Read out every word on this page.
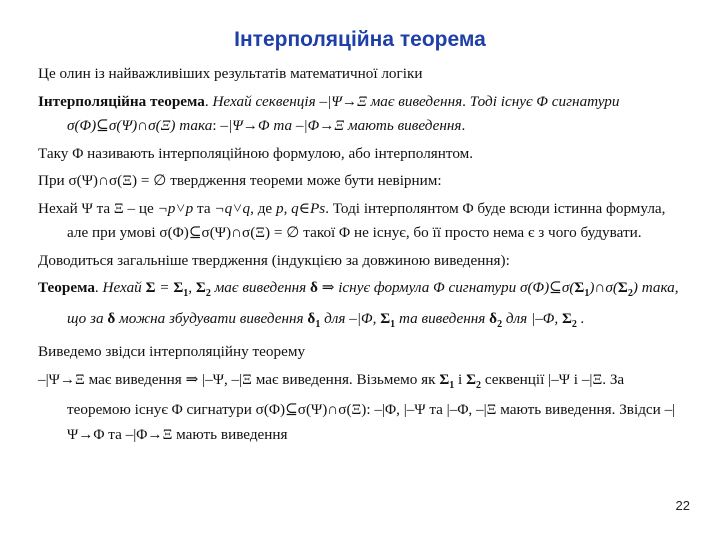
Інтерполяційна теорема

Це олин із найважливіших результатів математичної логіки

Інтерполяційна теорема. Нехай секвенція –|Ψ→Ξ має виведення. Тоді існує Φ сигнатури σ(Φ)⊆σ(Ψ)∩σ(Ξ) така: –|Ψ→Φ та –|Φ→Ξ мають виведення.

Таку Φ називають інтерполяційною формулою, або інтерполянтом.

При σ(Ψ)∩σ(Ξ) = ∅ твердження теореми може бути невірним:

Нехай Ψ та Ξ – це ¬p˅p та ¬q˅q, де p, q∈Ps. Тоді інтерполянтом Φ буде всюди істинна формула, але при умові σ(Φ)⊆σ(Ψ)∩σ(Ξ) = ∅ такої Φ не існує, бо її просто нема є з чого будувати.

Доводиться загальніше твердження (індукцією за довжиною виведення):

Теорема. Нехай $\Sigma = \Sigma_1$, $\Sigma_2$ має виведення δ ⇒ існує формула Φ сигнатури $\sigma(\Phi)⊆\sigma(\Sigma_1)\cap\sigma(\Sigma_2)$ така, що за δ можна збудувати виведення $\delta_1$ для –|Φ, $\Sigma_1$ та виведення $\delta_2$ для |–Φ, $\Sigma_2$ .

Виведемо звідси інтерполяційну теорему

–|Ψ→Ξ має виведення ⇒ |–Ψ, –|Ξ має виведення. Візьмемо як $\Sigma_1$ і $\Sigma_2$ секвенції |–Ψ і –|Ξ. За теоремою існує Φ сигнатури σ(Φ)⊆σ(Ψ)∩σ(Ξ): –|Φ, |–Ψ та |–Φ, –|Ξ мають виведення. Звідси –|Ψ→Φ та –|Φ→Ξ мають виведення

22
